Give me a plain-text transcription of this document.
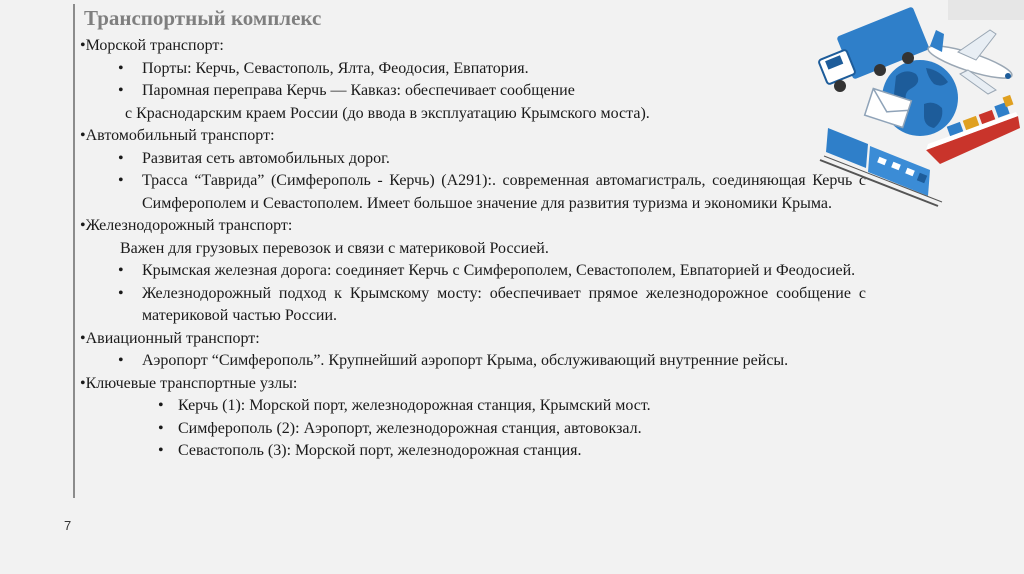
7
Транспортный комплекс
•Морской транспорт:
• Порты: Керчь, Севастополь, Ялта, Феодосия, Евпатория.
• Паромная переправа Керчь — Кавказ: обеспечивает сообщение
с Краснодарским краем России (до ввода в эксплуатацию Крымского моста).
•Автомобильный транспорт:
• Развитая сеть автомобильных дорог.
• Трасса “Таврида” (Симферополь - Керчь) (А291):. современная автомагистраль, соединяющая Керчь с Симферополем и Севастополем. Имеет большое значение для развития туризма и экономики Крыма.
•Железнодорожный транспорт:
Важен для грузовых перевозок и связи с материковой Россией.
• Крымская железная дорога: соединяет Керчь с Симферополем, Севастополем, Евпаторией и Феодосией.
• Железнодорожный подход к Крымскому мосту: обеспечивает прямое железнодорожное сообщение с материковой частью России.
•Авиационный транспорт:
• Аэропорт “Симферополь”. Крупнейший аэропорт Крыма, обслуживающий внутренние рейсы.
•Ключевые транспортные узлы:
• Керчь (1): Морской порт, железнодорожная станция, Крымский мост.
• Симферополь (2): Аэропорт, железнодорожная станция, автовокзал.
• Севастополь (3): Морской порт, железнодорожная станция.
